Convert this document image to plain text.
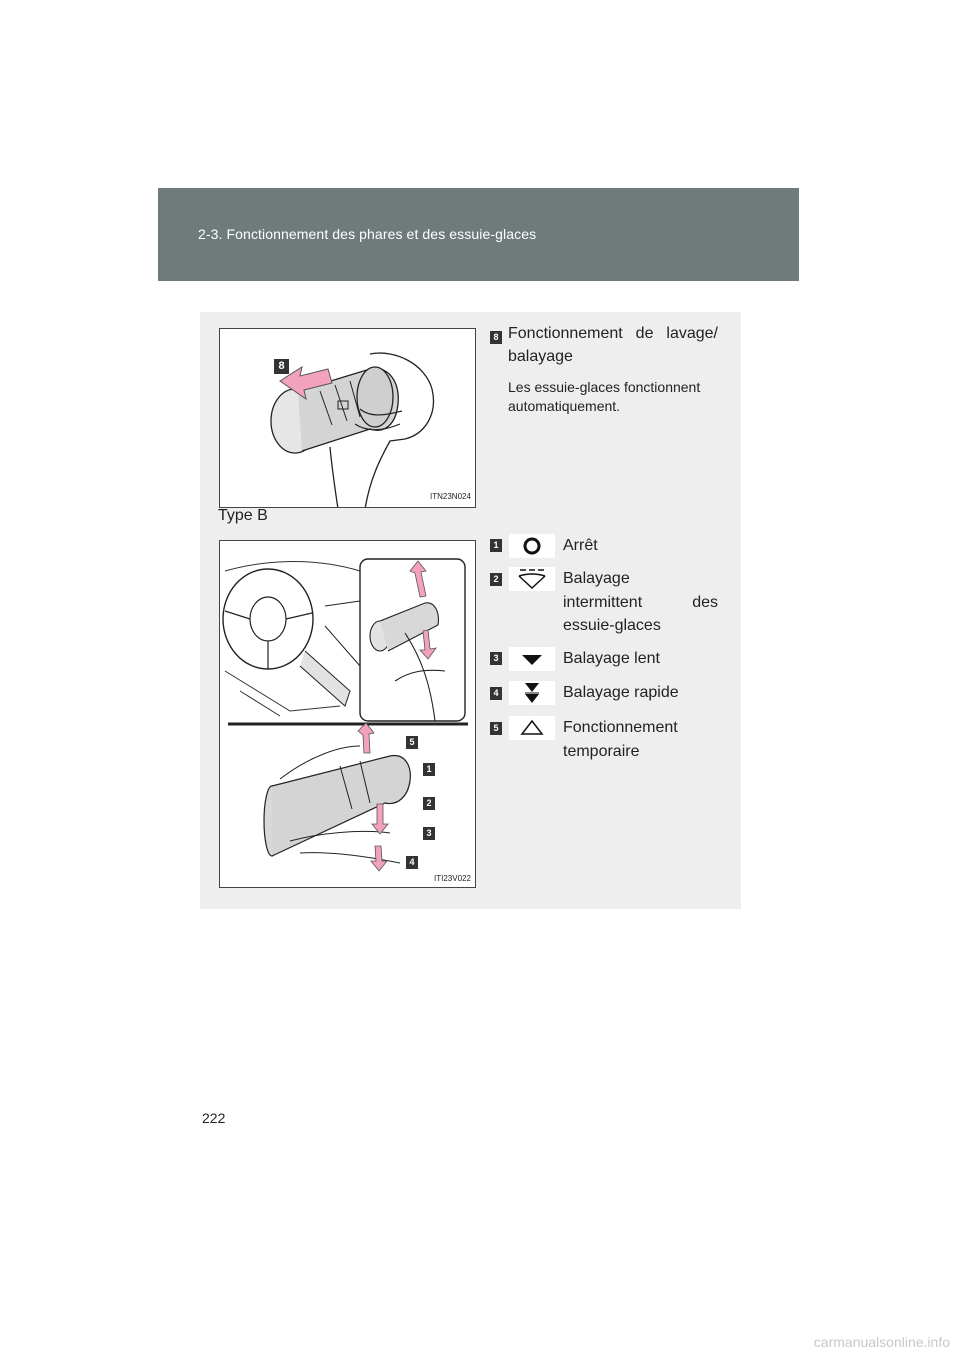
2-3. Fonctionnement des phares et des essuie-glaces
8
ITN23N024
5
1
2
3
4
ITI23V022
8 Fonctionnement de lavage/
balayage
Les essuie-glaces fonctionnent automatiquement.
Type B
1	Arrêt
2	Balayage
intermittent des
essuie-glaces
3	Balayage lent
4	Balayage rapide
5	Fonctionnement
temporaire
222
carmanualsonline.info
